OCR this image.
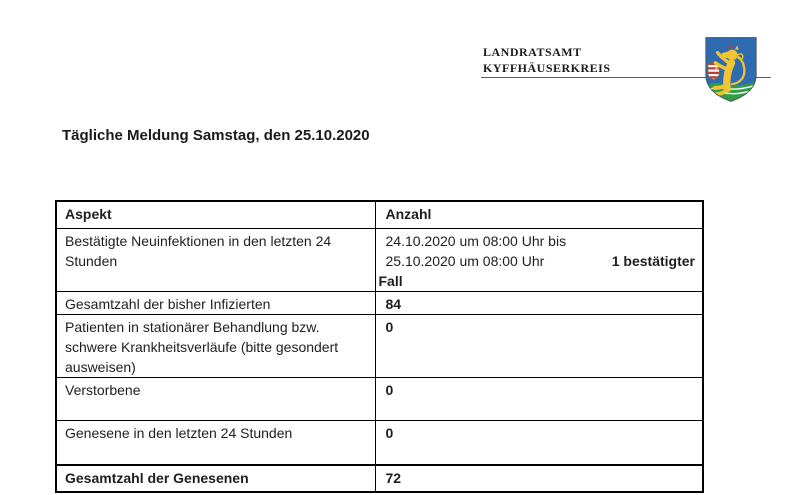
LANDRATSAMT
KYFFHÄUSERKREIS
Tägliche Meldung Samstag, den 25.10.2020
Aspekt	Anzahl
Bestätigte Neuinfektionen in den letzten 24 Stunden	24.10.2020 um 08:00 Uhr bis
25.10.2020 um 08:00 Uhr 1 bestätigter
Fall

Gesamtzahl der bisher Infizierten	84
Patienten in stationärer Behandlung bzw. schwere Krankheitsverläufe (bitte gesondert ausweisen)	0
Verstorbene	0
Genesene in den letzten 24 Stunden	0
Gesamtzahl der Genesenen	72
